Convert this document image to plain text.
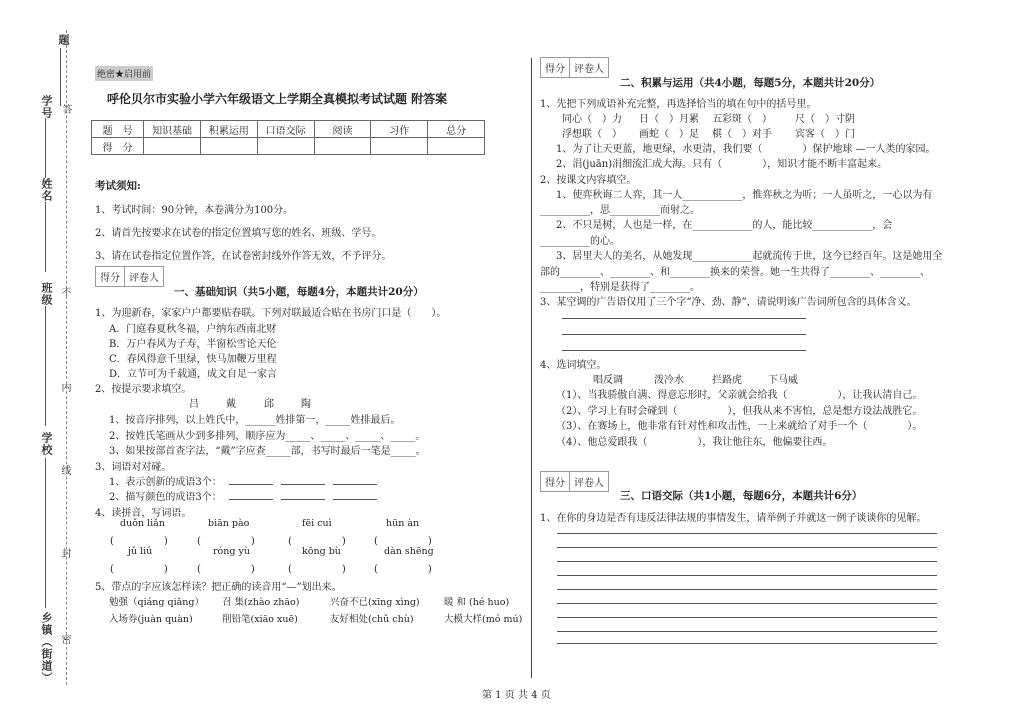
题
学号 答
姓名
班级 不
内
学校
线
封
乡镇（街道） 密
绝密★启用前
呼伦贝尔市实验小学六年级语文上学期全真模拟考试试题 附答案
题　号	知识基础	积累运用	口语交际	阅读	习作	总分
得　分						
考试须知:
1、考试时间：90分钟，本卷满分为100分。
2、请首先按要求在试卷的指定位置填写您的姓名、班级、学号。
3、请在试卷指定位置作答，在试卷密封线外作答无效，不予评分。
得分 评卷人
一、基础知识（共5小题，每题4分，本题共计20分）
1、为迎新春，家家户户都要贴春联。下列对联最适合贴在书房门口是（　　）。
A．门庭春夏秋冬福，户纳东西南北财
B．万户春风为子寿，半窗松雪论天伦
C．春风得意千里绿，快马加鞭万里程
D．立节可为千载通，成文自足一家言
2、按提示要求填空。
吕	戴	邱	陶
1、按音序排列，以上姓氏中，______姓排第一，_____姓排最后。
2、按姓氏笔画从少到多排列，顺序应为_____、_____、_____、_____。
3、如果按部首查字法，“戴”字应查_____部，书写时最后一笔是_____。
3、词语对对碰。
1、表示创新的成语3个：
2、描写颜色的成语3个：
4、读拼音，写词语。
duǒn liǎn	biān pào	fēi cuì	hūn àn
(　　　　　)	(　　　　　)	(　　　　　)	(　　　　　)
jǔ liú	róng yù	kōng bù	dàn shēng
(　　　　　)	(　　　　　)	(　　　　　)	(　　　　　)
5、带点的字应该怎样读？把正确的读音用“—”划出来。
勉强（qiáng qiǎng） 召 集(zhào zhāo)	兴奋不已(xīng xìng)	暖 和 (hé huo)
入场券(juàn quàn)	削铅笔(xiāo xuē)	友好相处(chǔ chù)	大模大样(mó mú)
得分 评卷人
二、积累与运用（共4小题，每题5分，本题共计20分）
1、先把下列成语补充完整，再选择恰当的填在句中的括号里。
同心（　）力 日（　）月累 五彩斑（　） 尺（　）寸阴
浮想联（　） 画蛇（　）足 棋（　）对手 宾客（　）门
1、为了让天更蓝，地更绿，水更清，我们要（　　　　）保护地球 —一人类的家园。
2、涓(juān)涓细流汇成大海。只有（　　　　），知识才能不断丰富起来。
2、按课文内容填空。
1、使弈秋诲二人弈，其一人____________，惟弈秋之为听；一人虽听之，一心以为有
__________，思__________而射之。
2、不只是树，人也是一样，在____________的人，能比较____________，会
__________的心。
3、居里夫人的美名，从她发现____________起就流传于世，这今已经百年。这是她用全
部的________、________、和________换来的荣誉。她一生共得了________、________、
________，特别是获得了________。
3、某空调的广告语仅用了三个字“净、劲、静”，请说明该广告词所包含的具体含义。
4、选词填空。
唱反调	泼冷水	拦路虎	下马威
（1）、当我骄傲自满、得意忘形时，父亲就会给我（　　　　　），让我认清自己。
（2）、学习上有时会碰到（　　　　　），但我从来不害怕，总是想方设法战胜它。
（3）、在赛场上，他非常有针对性和攻击性，一上来就给了对手一个（　　　　）。
（4）、他总爱跟我（　　　　　），我让他往东，他偏要往西。
得分 评卷人
三、口语交际（共1小题，每题6分，本题共计6分）
1、在你的身边是否有违反法律法规的事情发生，请举例子并就这一例子谈谈你的见解。
第 1 页 共 4 页
